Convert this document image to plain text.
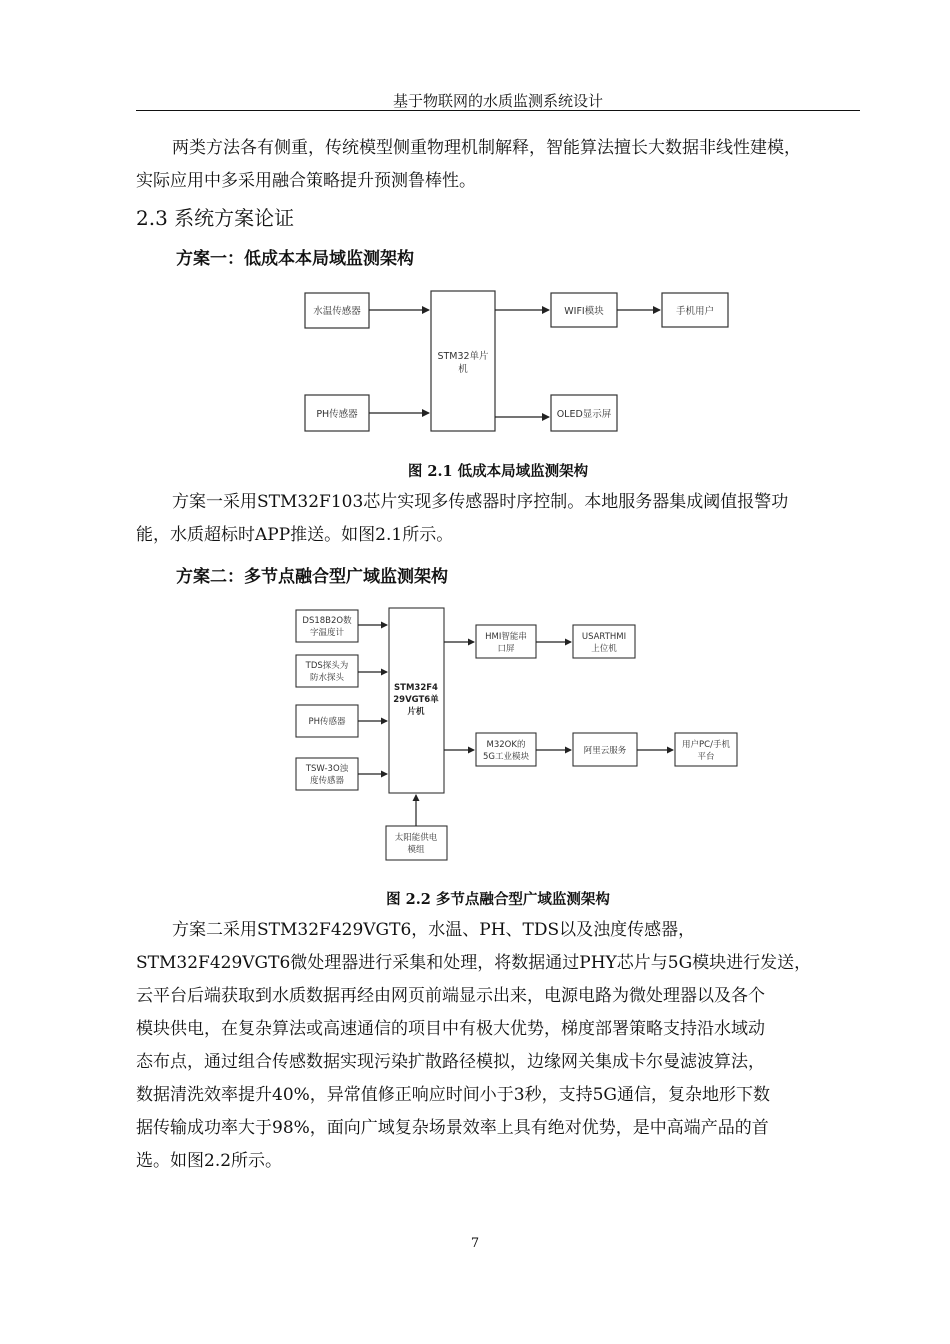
基于物联网的水质监测系统设计
两类方法各有侧重，传统模型侧重物理机制解释，智能算法擅长大数据非线性建模，
实际应用中多采用融合策略提升预测鲁棒性。
2.3 系统方案论证
方案一：低成本本局域监测架构
水温传感器
PH传感器
STM32单片
机
WIFI模块
OLED显示屏
手机用户
图 2.1 低成本局域监测架构
方案一采用STM32F103芯片实现多传感器时序控制。本地服务器集成阈值报警功
能，水质超标时APP推送。如图2.1所示。
方案二：多节点融合型广域监测架构
DS18B2O数
字温度计
TDS探头为
防水探头
PH传感器
TSW-3O浊
度传感器
STM32F4
29VGT6单
片机
HMI智能串
口屏
USARTHMI
上位机
M32OK的
5G工业模块
阿里云服务
用户PC/手机
平台
太阳能供电
模组
图 2.2 多节点融合型广域监测架构
方案二采用STM32F429VGT6，水温、PH、TDS以及浊度传感器，
STM32F429VGT6微处理器进行采集和处理，将数据通过PHY芯片与5G模块进行发送，
云平台后端获取到水质数据再经由网页前端显示出来，电源电路为微处理器以及各个
模块供电，在复杂算法或高速通信的项目中有极大优势，梯度部署策略支持沿水域动
态布点，通过组合传感数据实现污染扩散路径模拟，边缘网关集成卡尔曼滤波算法，
数据清洗效率提升40%，异常值修正响应时间小于3秒，支持5G通信，复杂地形下数
据传输成功率大于98%，面向广域复杂场景效率上具有绝对优势，是中高端产品的首
选。如图2.2所示。
7
